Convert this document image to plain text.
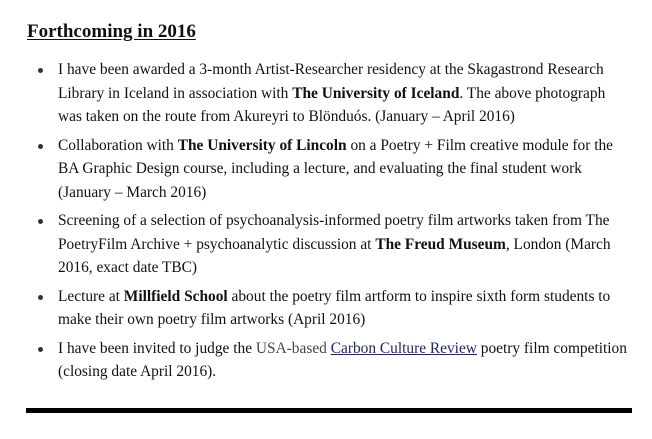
Forthcoming in 2016
I have been awarded a 3-month Artist-Researcher residency at the Skagastrond Research Library in Iceland in association with The University of Iceland. The above photograph was taken on the route from Akureyri to Blönduós. (January – April 2016)
Collaboration with The University of Lincoln on a Poetry + Film creative module for the BA Graphic Design course, including a lecture, and evaluating the final student work (January – March 2016)
Screening of a selection of psychoanalysis-informed poetry film artworks taken from The PoetryFilm Archive + psychoanalytic discussion at The Freud Museum, London (March 2016, exact date TBC)
Lecture at Millfield School about the poetry film artform to inspire sixth form students to make their own poetry film artworks (April 2016)
I have been invited to judge the USA-based Carbon Culture Review poetry film competition (closing date April 2016).
